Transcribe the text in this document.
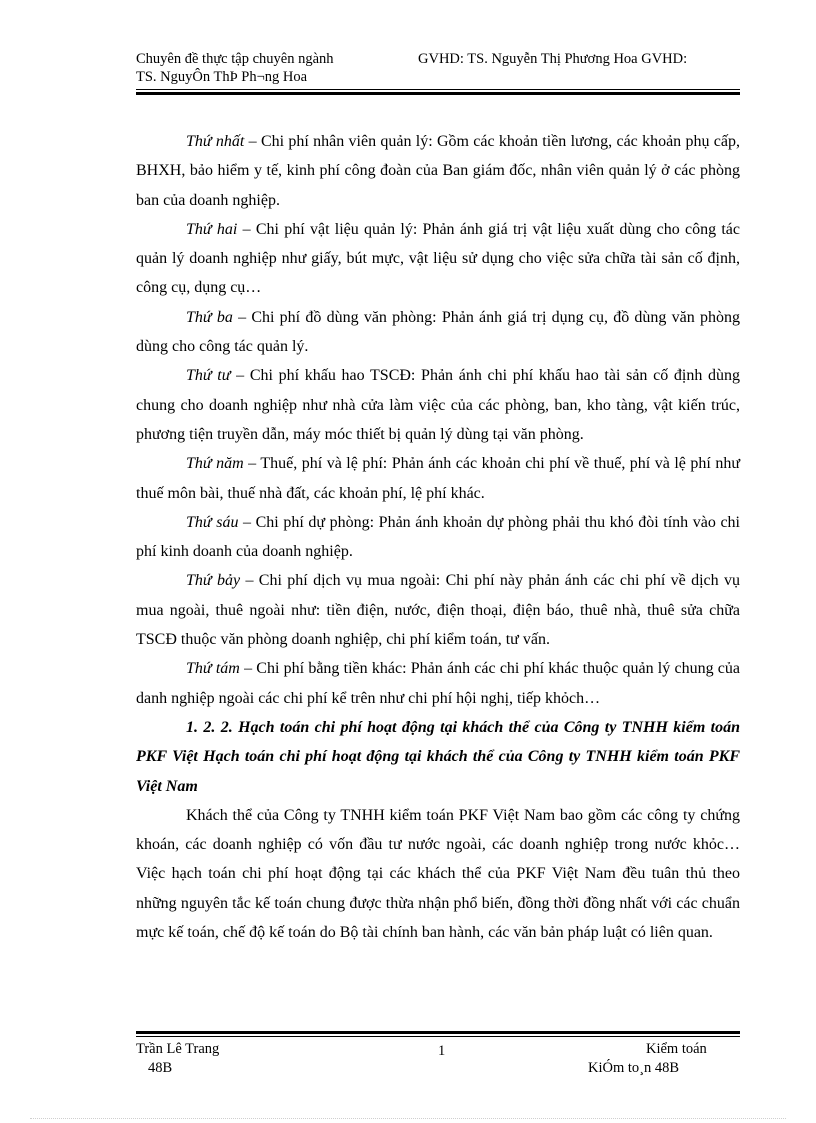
Chuyên đề thực tập chuyên ngành	GVHD: TS. Nguyễn Thị Phương Hoa GVHD:
TS. NguyÔn ThÞ Ph¬ng Hoa

Thứ nhất – Chi phí nhân viên quản lý: Gồm các khoản tiền lương, các khoản phụ cấp, BHXH, bảo hiểm y tế, kinh phí công đoàn của Ban giám đốc, nhân viên quản lý ở các phòng ban của doanh nghiệp.

Thứ hai – Chi phí vật liệu quản lý: Phản ánh giá trị vật liệu xuất dùng cho công tác quản lý doanh nghiệp như giấy, bút mực, vật liệu sử dụng cho việc sửa chữa tài sản cố định, công cụ, dụng cụ…

Thứ ba – Chi phí đồ dùng văn phòng: Phản ánh giá trị dụng cụ, đồ dùng văn phòng dùng cho công tác quản lý.

Thứ tư – Chi phí khấu hao TSCĐ: Phản ánh chi phí khấu hao tài sản cố định dùng chung cho doanh nghiệp như nhà cửa làm việc của các phòng, ban, kho tàng, vật kiến trúc, phương tiện truyền dẫn, máy móc thiết bị quản lý dùng tại văn phòng.

Thứ năm – Thuế, phí và lệ phí: Phản ánh các khoản chi phí về thuế, phí và lệ phí như thuế môn bài, thuế nhà đất, các khoản phí, lệ phí khác.

Thứ sáu – Chi phí dự phòng: Phản ánh khoản dự phòng phải thu khó đòi tính vào chi phí kinh doanh của doanh nghiệp.

Thứ bảy – Chi phí dịch vụ mua ngoài: Chi phí này phản ánh các chi phí về dịch vụ mua ngoài, thuê ngoài như: tiền điện, nước, điện thoại, điện báo, thuê nhà, thuê sửa chữa TSCĐ thuộc văn phòng doanh nghiệp, chi phí kiểm toán, tư vấn.

Thứ tám – Chi phí bằng tiền khác: Phản ánh các chi phí khác thuộc quản lý chung của danh nghiệp ngoài các chi phí kể trên như chi phí hội nghị, tiếp khỏch…

1. 2. 2. Hạch toán chi phí hoạt động tại khách thể của Công ty TNHH kiểm toán PKF Việt Hạch toán chi phí hoạt động tại khách thể của Công ty TNHH kiểm toán PKF Việt Nam

Khách thể của Công ty TNHH kiểm toán PKF Việt Nam bao gồm các công ty chứng khoán, các doanh nghiệp có vốn đầu tư nước ngoài, các doanh nghiệp trong nước khỏc… Việc hạch toán chi phí hoạt động tại các khách thể của PKF Việt Nam đều tuân thủ theo những nguyên tắc kế toán chung được thừa nhận phổ biến, đồng thời đồng nhất với các chuẩn mực kế toán, chế độ kế toán do Bộ tài chính ban hành, các văn bản pháp luật có liên quan.

Trần Lê Trang
48B
1	Kiểm toán
KiÓm to¸n 48B
